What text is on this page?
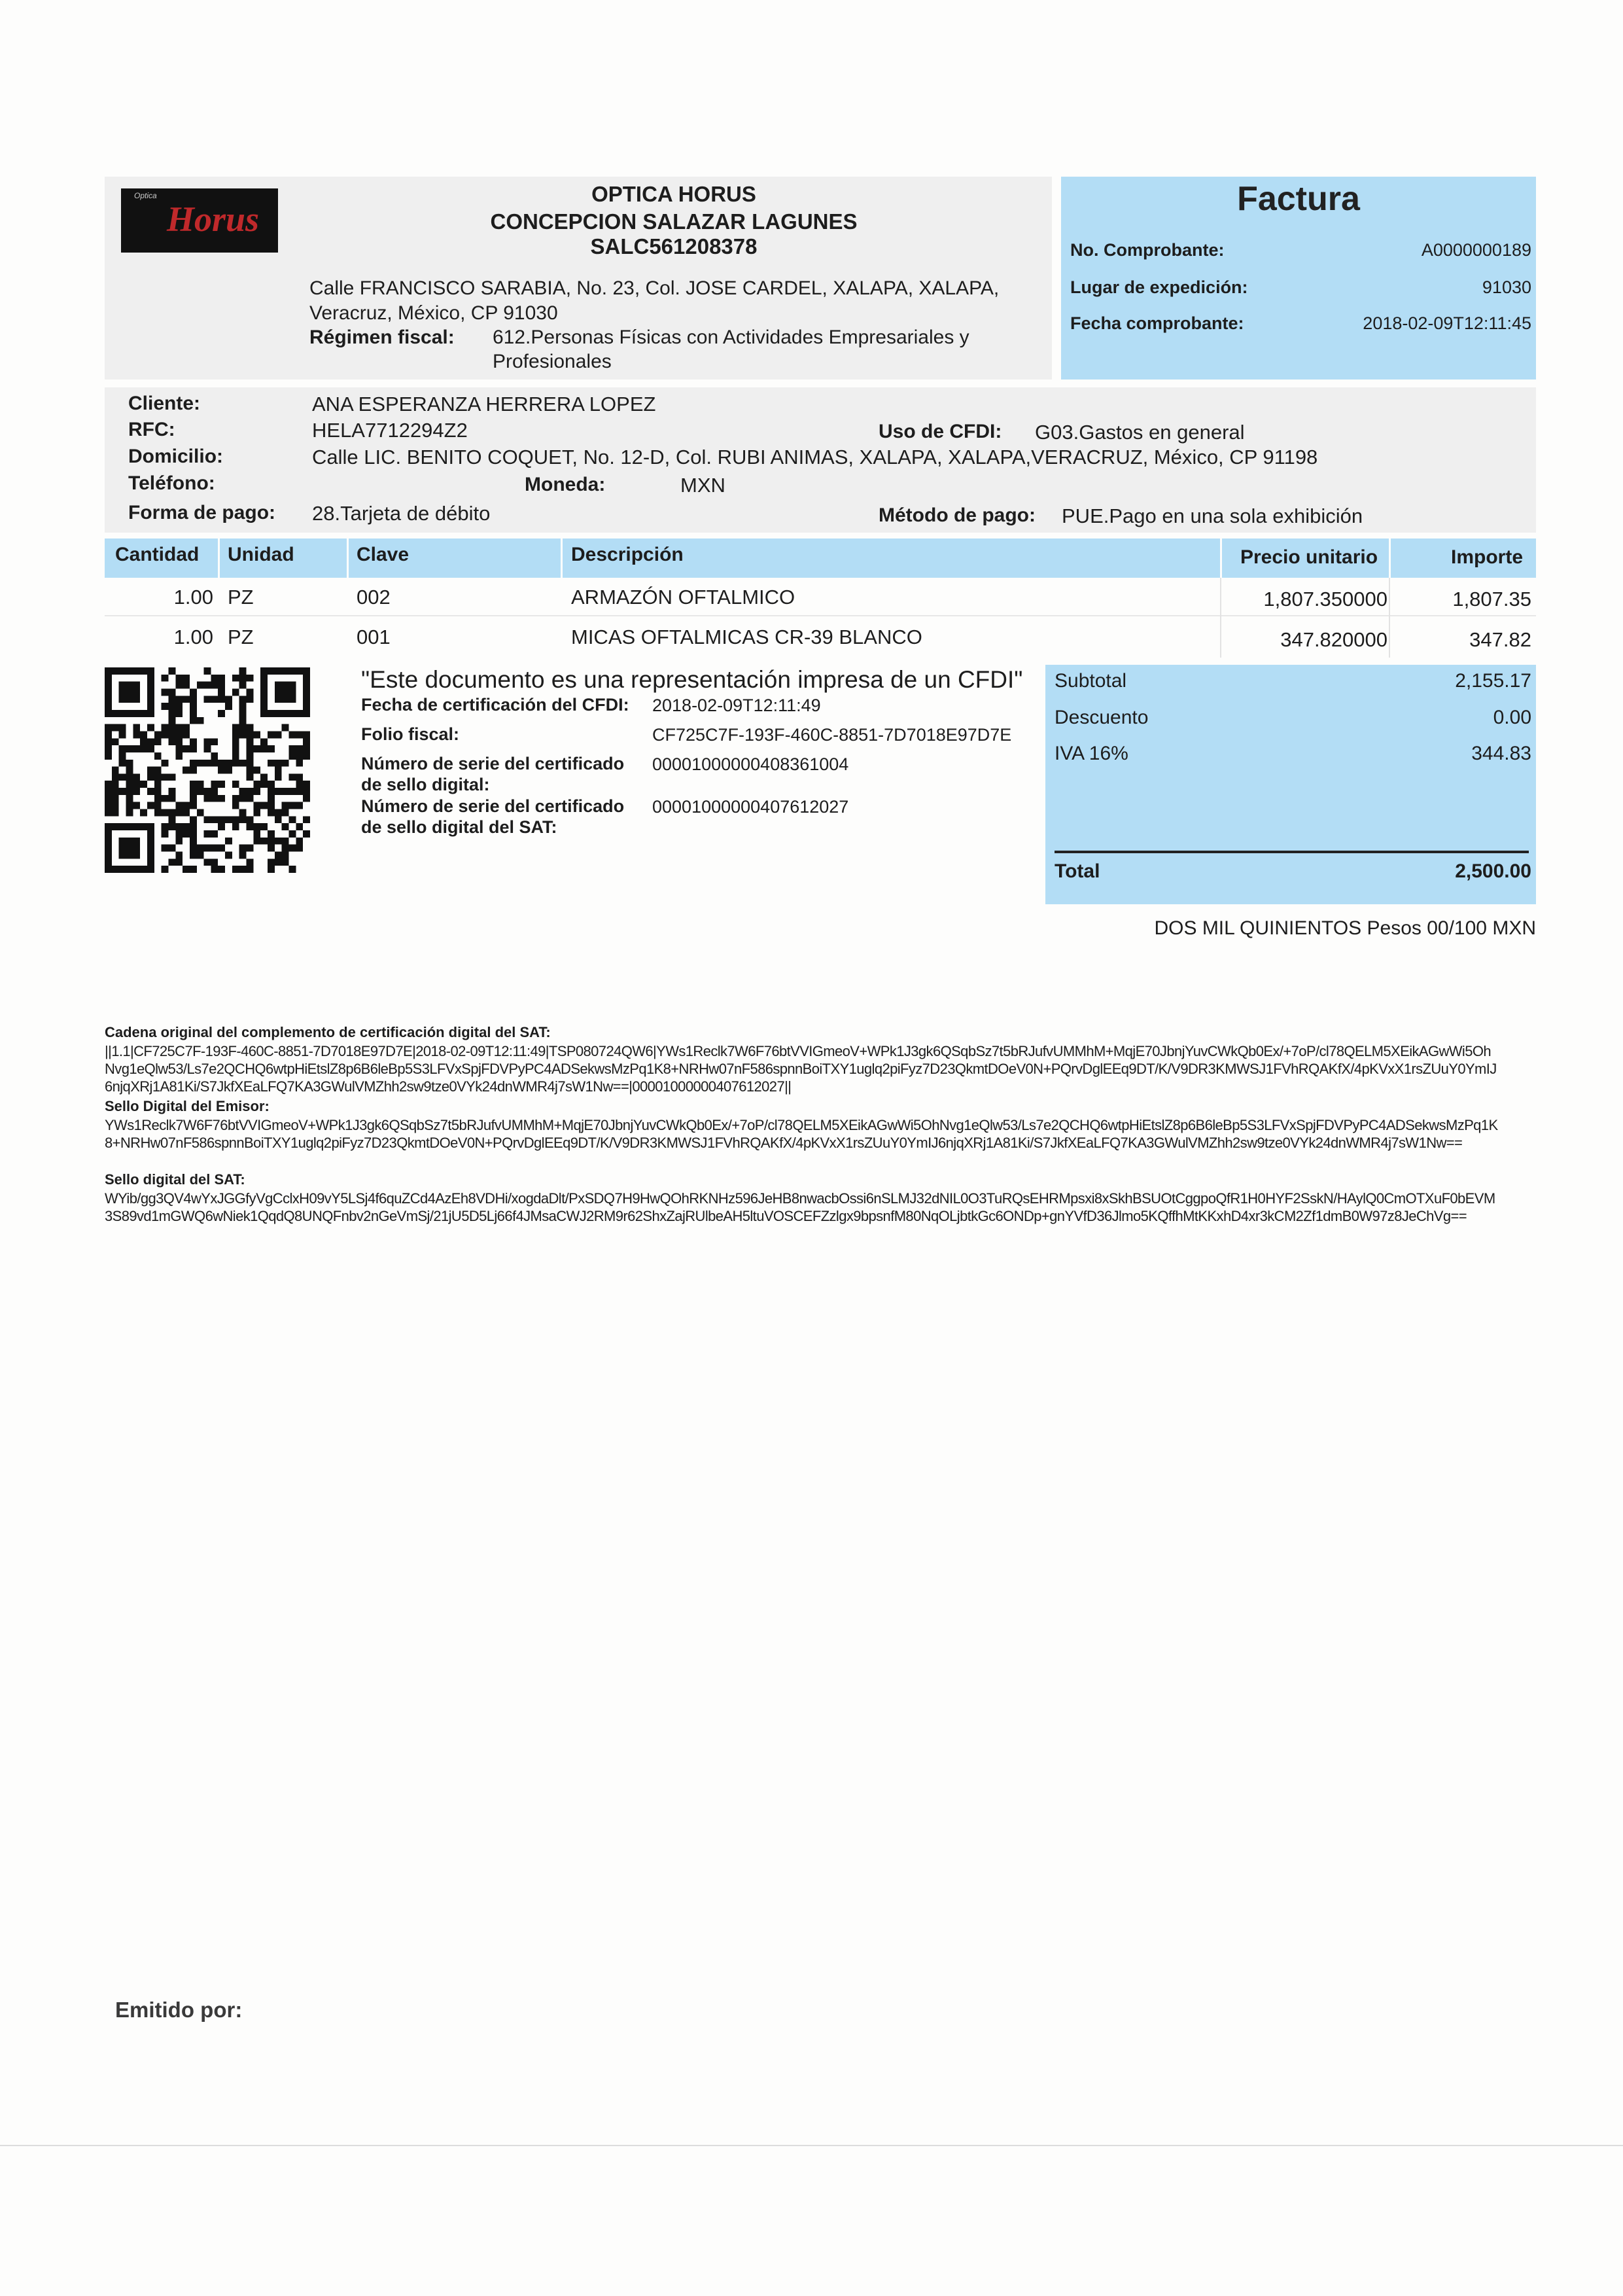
Optica
Horus
OPTICA HORUS
CONCEPCION SALAZAR LAGUNES
SALC561208378
Calle FRANCISCO SARABIA, No. 23, Col. JOSE CARDEL, XALAPA, XALAPA,
Veracruz, México, CP 91030
Régimen fiscal: 612.Personas Físicas con Actividades Empresariales y
Profesionales
Factura
No. Comprobante:	A0000000189
Lugar de expedición:	91030
Fecha comprobante:	2018-02-09T12:11:45
Cliente:	ANA ESPERANZA HERRERA LOPEZ
RFC:	HELA7712294Z2	Uso de CFDI: G03.Gastos en general
Domicilio:	Calle LIC. BENITO COQUET, No. 12-D, Col. RUBI ANIMAS, XALAPA, XALAPA,VERACRUZ, México, CP 91198
Teléfono:	Moneda:	MXN
Forma de pago: 28.Tarjeta de débito	Método de pago: PUE.Pago en una sola exhibición
Cantidad Unidad	Clave	Descripción	Precio unitario	Importe
1.00 PZ	002	ARMAZÓN OFTALMICO	1,807.350000	1,807.35
1.00 PZ	001	MICAS OFTALMICAS CR-39 BLANCO	347.820000	347.82
"Este documento es una representación impresa de un CFDI"
Fecha de certificación del CFDI: 2018-02-09T12:11:49
Folio fiscal:	CF725C7F-193F-460C-8851-7D7018E97D7E
Número de serie del certificado
de sello digital:
00001000000408361004
Número de serie del certificado
de sello digital del SAT:
00001000000407612027
Subtotal	2,155.17
Descuento	0.00
IVA 16%	344.83
Total	2,500.00
DOS MIL QUINIENTOS Pesos 00/100 MXN
Cadena original del complemento de certificación digital del SAT:
||1.1|CF725C7F-193F-460C-8851-7D7018E97D7E|2018-02-09T12:11:49|TSP080724QW6|YWs1Reclk7W6F76btVVIGmeoV+WPk1J3gk6QSqbSz7t5bRJufvUMMhM+MqjE70JbnjYuvCWkQb0Ex/+7oP/cl78QELM5XEikAGwWi5OhNvg1eQlw53/Ls7e2QCHQ6wtpHiEtslZ8p6B6leBp5S3LFVxSpjFDVPyPC4ADSekwsMzPq1K8+NRHw07nF586spnnBoiTXY1uglq2piFyz7D23QkmtDOeV0N+PQrvDglEEq9DT/K/V9DR3KMWSJ1FVhRQAKfX/4pKVxX1rsZUuY0YmIJ6njqXRj1A81Ki/S7JkfXEaLFQ7KA3GWulVMZhh2sw9tze0VYk24dnWMR4j7sW1Nw==|00001000000407612027||
Sello Digital del Emisor:
YWs1Reclk7W6F76btVVIGmeoV+WPk1J3gk6QSqbSz7t5bRJufvUMMhM+MqjE70JbnjYuvCWkQb0Ex/+7oP/cl78QELM5XEikAGwWi5OhNvg1eQlw53/Ls7e2QCHQ6wtpHiEtslZ8p6B6leBp5S3LFVxSpjFDVPyPC4ADSekwsMzPq1K8+NRHw07nF586spnnBoiTXY1uglq2piFyz7D23QkmtDOeV0N+PQrvDglEEq9DT/K/V9DR3KMWSJ1FVhRQAKfX/4pKVxX1rsZUuY0YmIJ6njqXRj1A81Ki/S7JkfXEaLFQ7KA3GWulVMZhh2sw9tze0VYk24dnWMR4j7sW1Nw==
Sello digital del SAT:
WYib/gg3QV4wYxJGGfyVgCclxH09vY5LSj4f6quZCd4AzEh8VDHi/xogdaDlt/PxSDQ7H9HwQOhRKNHz596JeHB8nwacbOssi6nSLMJ32dNIL0O3TuRQsEHRMpsxi8xSkhBSUOtCggpoQfR1H0HYF2SskN/HAylQ0CmOTXuF0bEVM3S89vd1mGWQ6wNiek1QqdQ8UNQFnbv2nGeVmSj/21jU5D5Lj66f4JMsaCWJ2RM9r62ShxZajRUlbeAH5ltuVOSCEFZzlgx9bpsnfM80NqOLjbtkGc6ONDp+gnYVfD36Jlmo5KQffhMtKKxhD4xr3kCM2Zf1dmB0W97z8JeChVg==
Emitido por:
